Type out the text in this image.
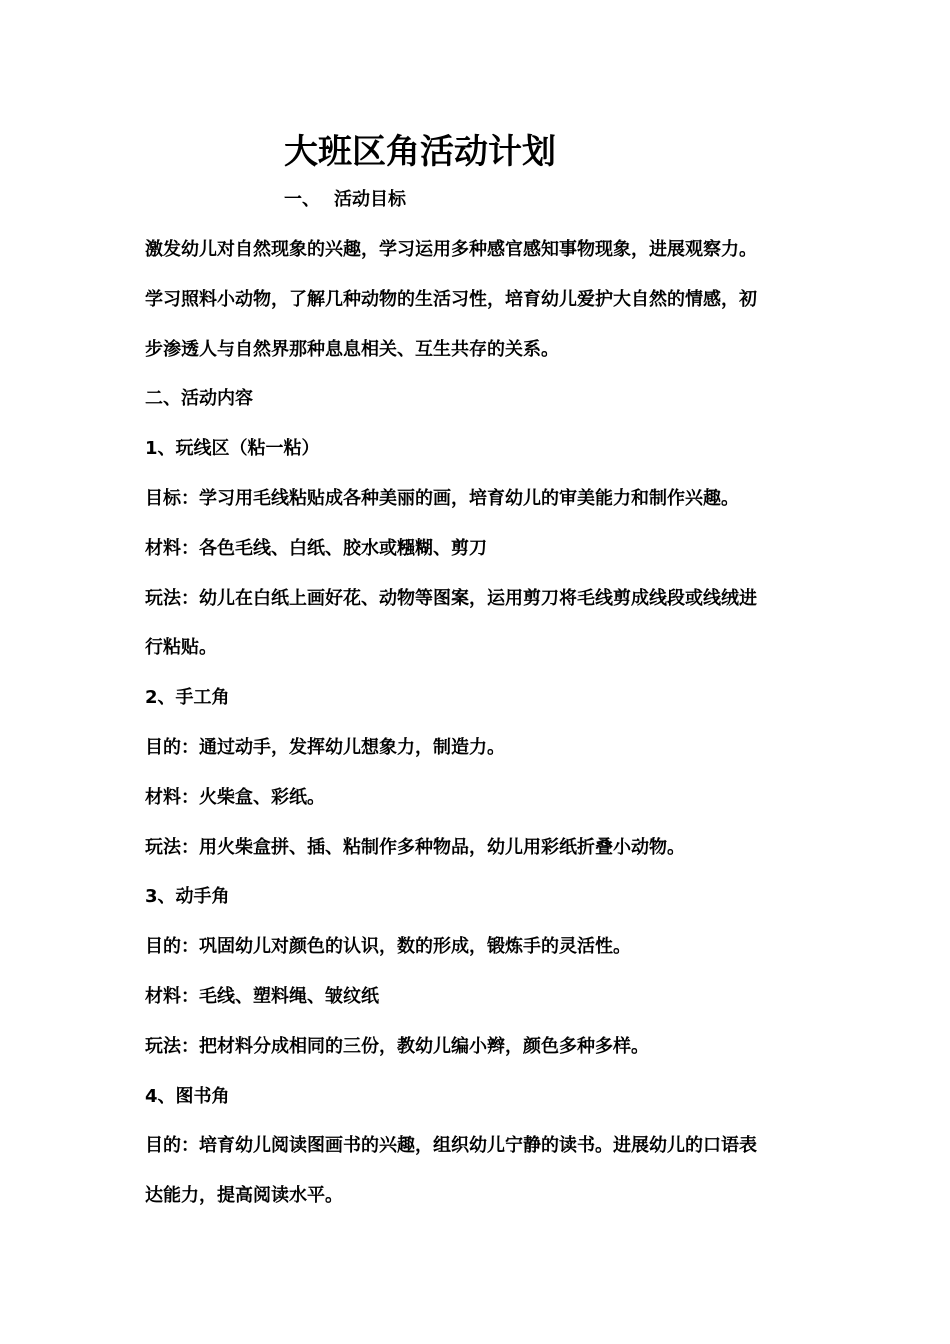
大班区角活动计划
一、 活动目标
激发幼儿对自然现象的兴趣，学习运用多种感官感知事物现象，进展观察力。
学习照料小动物，了解几种动物的生活习性，培育幼儿爱护大自然的情感，初
步渗透人与自然界那种息息相关、互生共存的关系。
二、活动内容
1、玩线区（粘一粘）
目标：学习用毛线粘贴成各种美丽的画，培育幼儿的审美能力和制作兴趣。
材料：各色毛线、白纸、胶水或糨糊、剪刀
玩法：幼儿在白纸上画好花、动物等图案，运用剪刀将毛线剪成线段或线绒进
行粘贴。
2、手工角
目的：通过动手，发挥幼儿想象力，制造力。
材料：火柴盒、彩纸。
玩法：用火柴盒拼、插、粘制作多种物品，幼儿用彩纸折叠小动物。
3、动手角
目的：巩固幼儿对颜色的认识，数的形成，锻炼手的灵活性。
材料：毛线、塑料绳、皱纹纸
玩法：把材料分成相同的三份，教幼儿编小辫，颜色多种多样。
4、图书角
目的：培育幼儿阅读图画书的兴趣，组织幼儿宁静的读书。进展幼儿的口语表
达能力，提高阅读水平。
